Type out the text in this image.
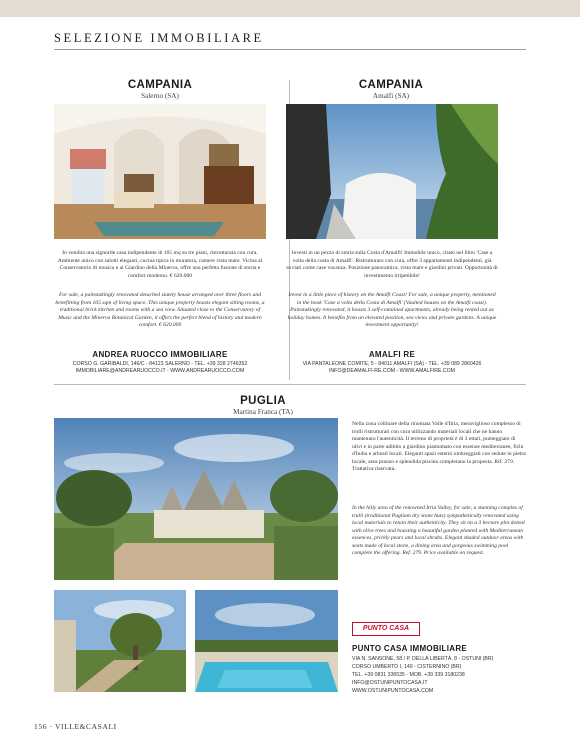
SELEZIONE IMMOBILIARE
CAMPANIA
Salerno (SA)
In vendita una signorile casa indipendente di 165 mq su tre piani, ristrutturata con cura. Ambiente unico con salotti eleganti, cucina tipica in muratura, camere vista mare. Vicina al Conservatorio di musica e al Giardino della Minerva, offre una perfetta fusione di storia e comfort moderno. € 620.000
For sale, a painstakingly renovated detached stately house arranged over three floors and benefitting from 165 sqm of living space. This unique property boasts elegant sitting rooms, a traditional brick kitchen and rooms with a sea view. Situated close to the Conservatory of Music and the Minerva Botanical Garden, it offers the perfect blend of history and modern comfort. € 620.000
ANDREA RUOCCO IMMOBILIARE
CORSO G. GARIBALDI, 146/C - 84123 SALERNO - TEL. +39 328 2746352
IMMOBILIARE@ANDREARUOCCO.IT - WWW.ANDREARUOCCO.COM
CAMPANIA
Amalfi (SA)
Investi in un pezzo di storia sulla Costa d'Amalfi! Immobile unico, citato nel libro 'Case a volta della costa di Amalfi'. Ristrutturato con cura, offre 3 appartamenti indipendenti, già avviati come case vacanza. Posizione panoramica, vista mare e giardini privati. Opportunità di investimento irripetibile!
Invest in a little piece of history on the Amalfi Coast! For sale, a unique property, mentioned in the book 'Case a volta della Costa di Amalfi' (Vaulted houses on the Amalfi coast). Painstakingly renovated, it boasts 3 self-contained apartments, already being rented out as holiday homes. It benefits from an elevated position, sea views and private gardens. A unique investment opportunity!
AMALFI RE
VIA PANTALEONE COMITE, 5 - 84011 AMALFI (SA) - TEL. +39 089 2860426
INFO@DEAMALFI-RE.COM - WWW.AMALFIRE.COM
PUGLIA
Martina Franca (TA)
Nella zona collinare della rinomata Valle d'Itria, meraviglioso complesso di trulli ristrutturati con cura utilizzando materiali locali che ne hanno mantenuto l'autenticità. Il terreno di proprietà è di 3 ettari, punteggiato di ulivi e in parte adibito a giardino piantumato con essenze mediterranee, fichi d'India e arbusti locali. Eleganti spazi esterni ombreggiati con sedute in pietra locale, area pranzo e splendida piscina completano la proposta. Rif. 279. Trattativa riservata.
In the hilly area of the renowned Itria Valley, for sale, a stunning complex of trulli (traditional Pugliam dry stone huts) sympathetically renovated using local materials to retain their authenticity. They sit on a 3 hectare plot dotted with olive trees and boasting a beautiful garden planted with Mediterranean essences, prickly pears and local shrubs. Elegant shaded outdoor areas with seats made of local stone, a dining area and gorgeous swimming pool complete the offering. Ref. 279. Price available on request.
PUNTO CASA
PUNTO CASA IMMOBILIARE
VIA N. SANSONE, 58 / P. DELLA LIBERTÀ, 8 - OSTUNI (BR)
CORSO UMBERTO I, 149 - CISTERNINO (BR)
TEL. +39 0831 336535 - MOB. +39 339 3180238
INFO@OSTUNIPUNTOCASA.IT
WWW.OSTUNIPUNTOCASA.COM
156 · VILLE&CASALI
